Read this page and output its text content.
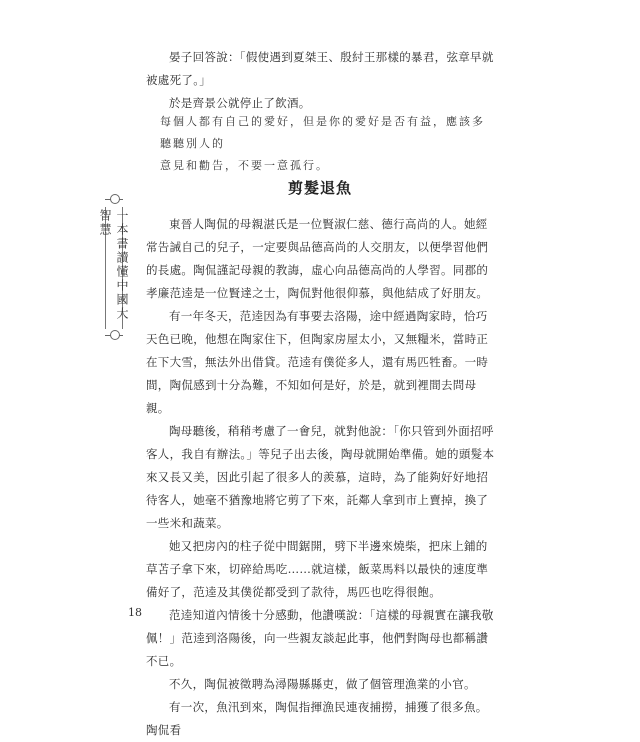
晏子回答說：「假使遇到夏桀王、殷紂王那樣的暴君，弦章早就被處死了。」

於是齊景公就停止了飲酒。

每個人都有自己的愛好，但是你的愛好是否有益，應該多聽聽別人的
意見和勸告，不要一意孤行。
剪髮退魚

東晉人陶侃的母親湛氏是一位賢淑仁慈、德行高尚的人。她經常告誡自己的兒子，一定要與品德高尚的人交朋友，以便學習他們的長處。陶侃謹記母親的教誨，虛心向品德高尚的人學習。同郡的孝廉范逵是一位賢達之士，陶侃對他很仰慕，與他結成了好朋友。

有一年冬天，范逵因為有事要去洛陽，途中經過陶家時，恰巧天色已晚，他想在陶家住下，但陶家房屋太小，又無糧米，當時正在下大雪，無法外出借貸。范逵有僕從多人，還有馬匹牲畜。一時間，陶侃感到十分為難，不知如何是好，於是，就到裡間去問母親。

陶母聽後，稍稍考慮了一會兒，就對他說：「你只管到外面招呼客人，我自有辦法。」等兒子出去後，陶母就開始準備。她的頭髮本來又長又美，因此引起了很多人的羨慕，這時，為了能夠好好地招待客人，她毫不猶豫地將它剪了下來，託鄰人拿到市上賣掉，換了一些米和蔬菜。

她又把房內的柱子從中間鋸開，劈下半邊來燒柴，把床上鋪的草苫子拿下來，切碎給馬吃……就這樣，飯菜馬料以最快的速度準備好了，范逵及其僕從都受到了款待，馬匹也吃得很飽。

范逵知道內情後十分感動，他讚嘆說：「這樣的母親實在讓我敬佩！」范逵到洛陽後，向一些親友談起此事，他們對陶母也都稱讚不已。

不久，陶侃被徵聘為潯陽縣縣吏，做了個管理漁業的小官。

有一次，魚汛到來，陶侃指揮漁民連夜捕撈，捕獲了很多魚。陶侃看

一本書讀懂中國大智慧
18
